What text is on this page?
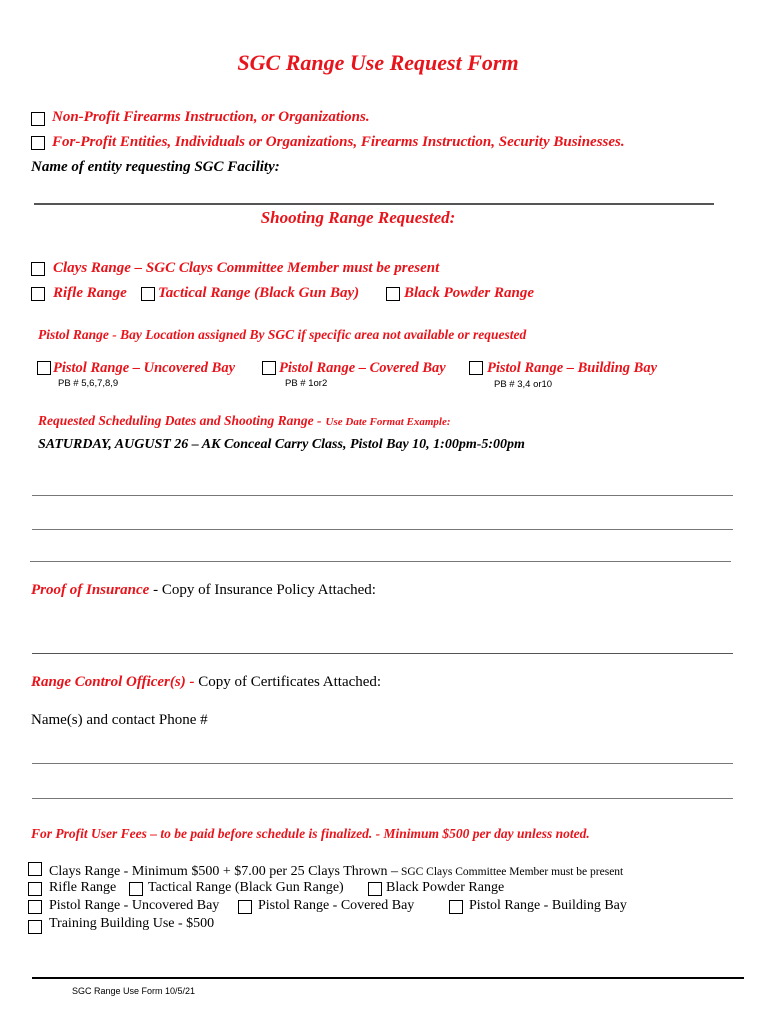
SGC Range Use Request Form
Non-Profit Firearms Instruction, or Organizations.
For-Profit Entities, Individuals or Organizations, Firearms Instruction, Security Businesses.
Name of entity requesting SGC Facility:
Shooting Range Requested:
Clays Range – SGC Clays Committee Member must be present
Rifle Range Tactical Range (Black Gun Bay)	Black Powder Range
Pistol Range - Bay Location assigned By SGC if specific area not available or requested
Pistol Range – Uncovered Bay
PB # 5,6,7,8,9
Pistol Range – Covered Bay
PB # 1or2
Pistol Range – Building Bay
PB # 3,4 or10
Requested Scheduling Dates and Shooting Range - Use Date Format Example:
SATURDAY, AUGUST 26 – AK Conceal Carry Class, Pistol Bay 10, 1:00pm-5:00pm
Proof of Insurance - Copy of Insurance Policy Attached:
Range Control Officer(s) - Copy of Certificates Attached:
Name(s) and contact Phone #
For Profit User Fees – to be paid before schedule is finalized. - Minimum $500 per day unless noted.
Clays Range - Minimum $500 + $7.00 per 25 Clays Thrown – SGC Clays Committee Member must be present
Rifle Range Tactical Range (Black Gun Range)	Black Powder Range
Pistol Range - Uncovered Bay	Pistol Range - Covered Bay	Pistol Range - Building Bay
Training Building Use - $500
SGC Range Use Form 10/5/21
